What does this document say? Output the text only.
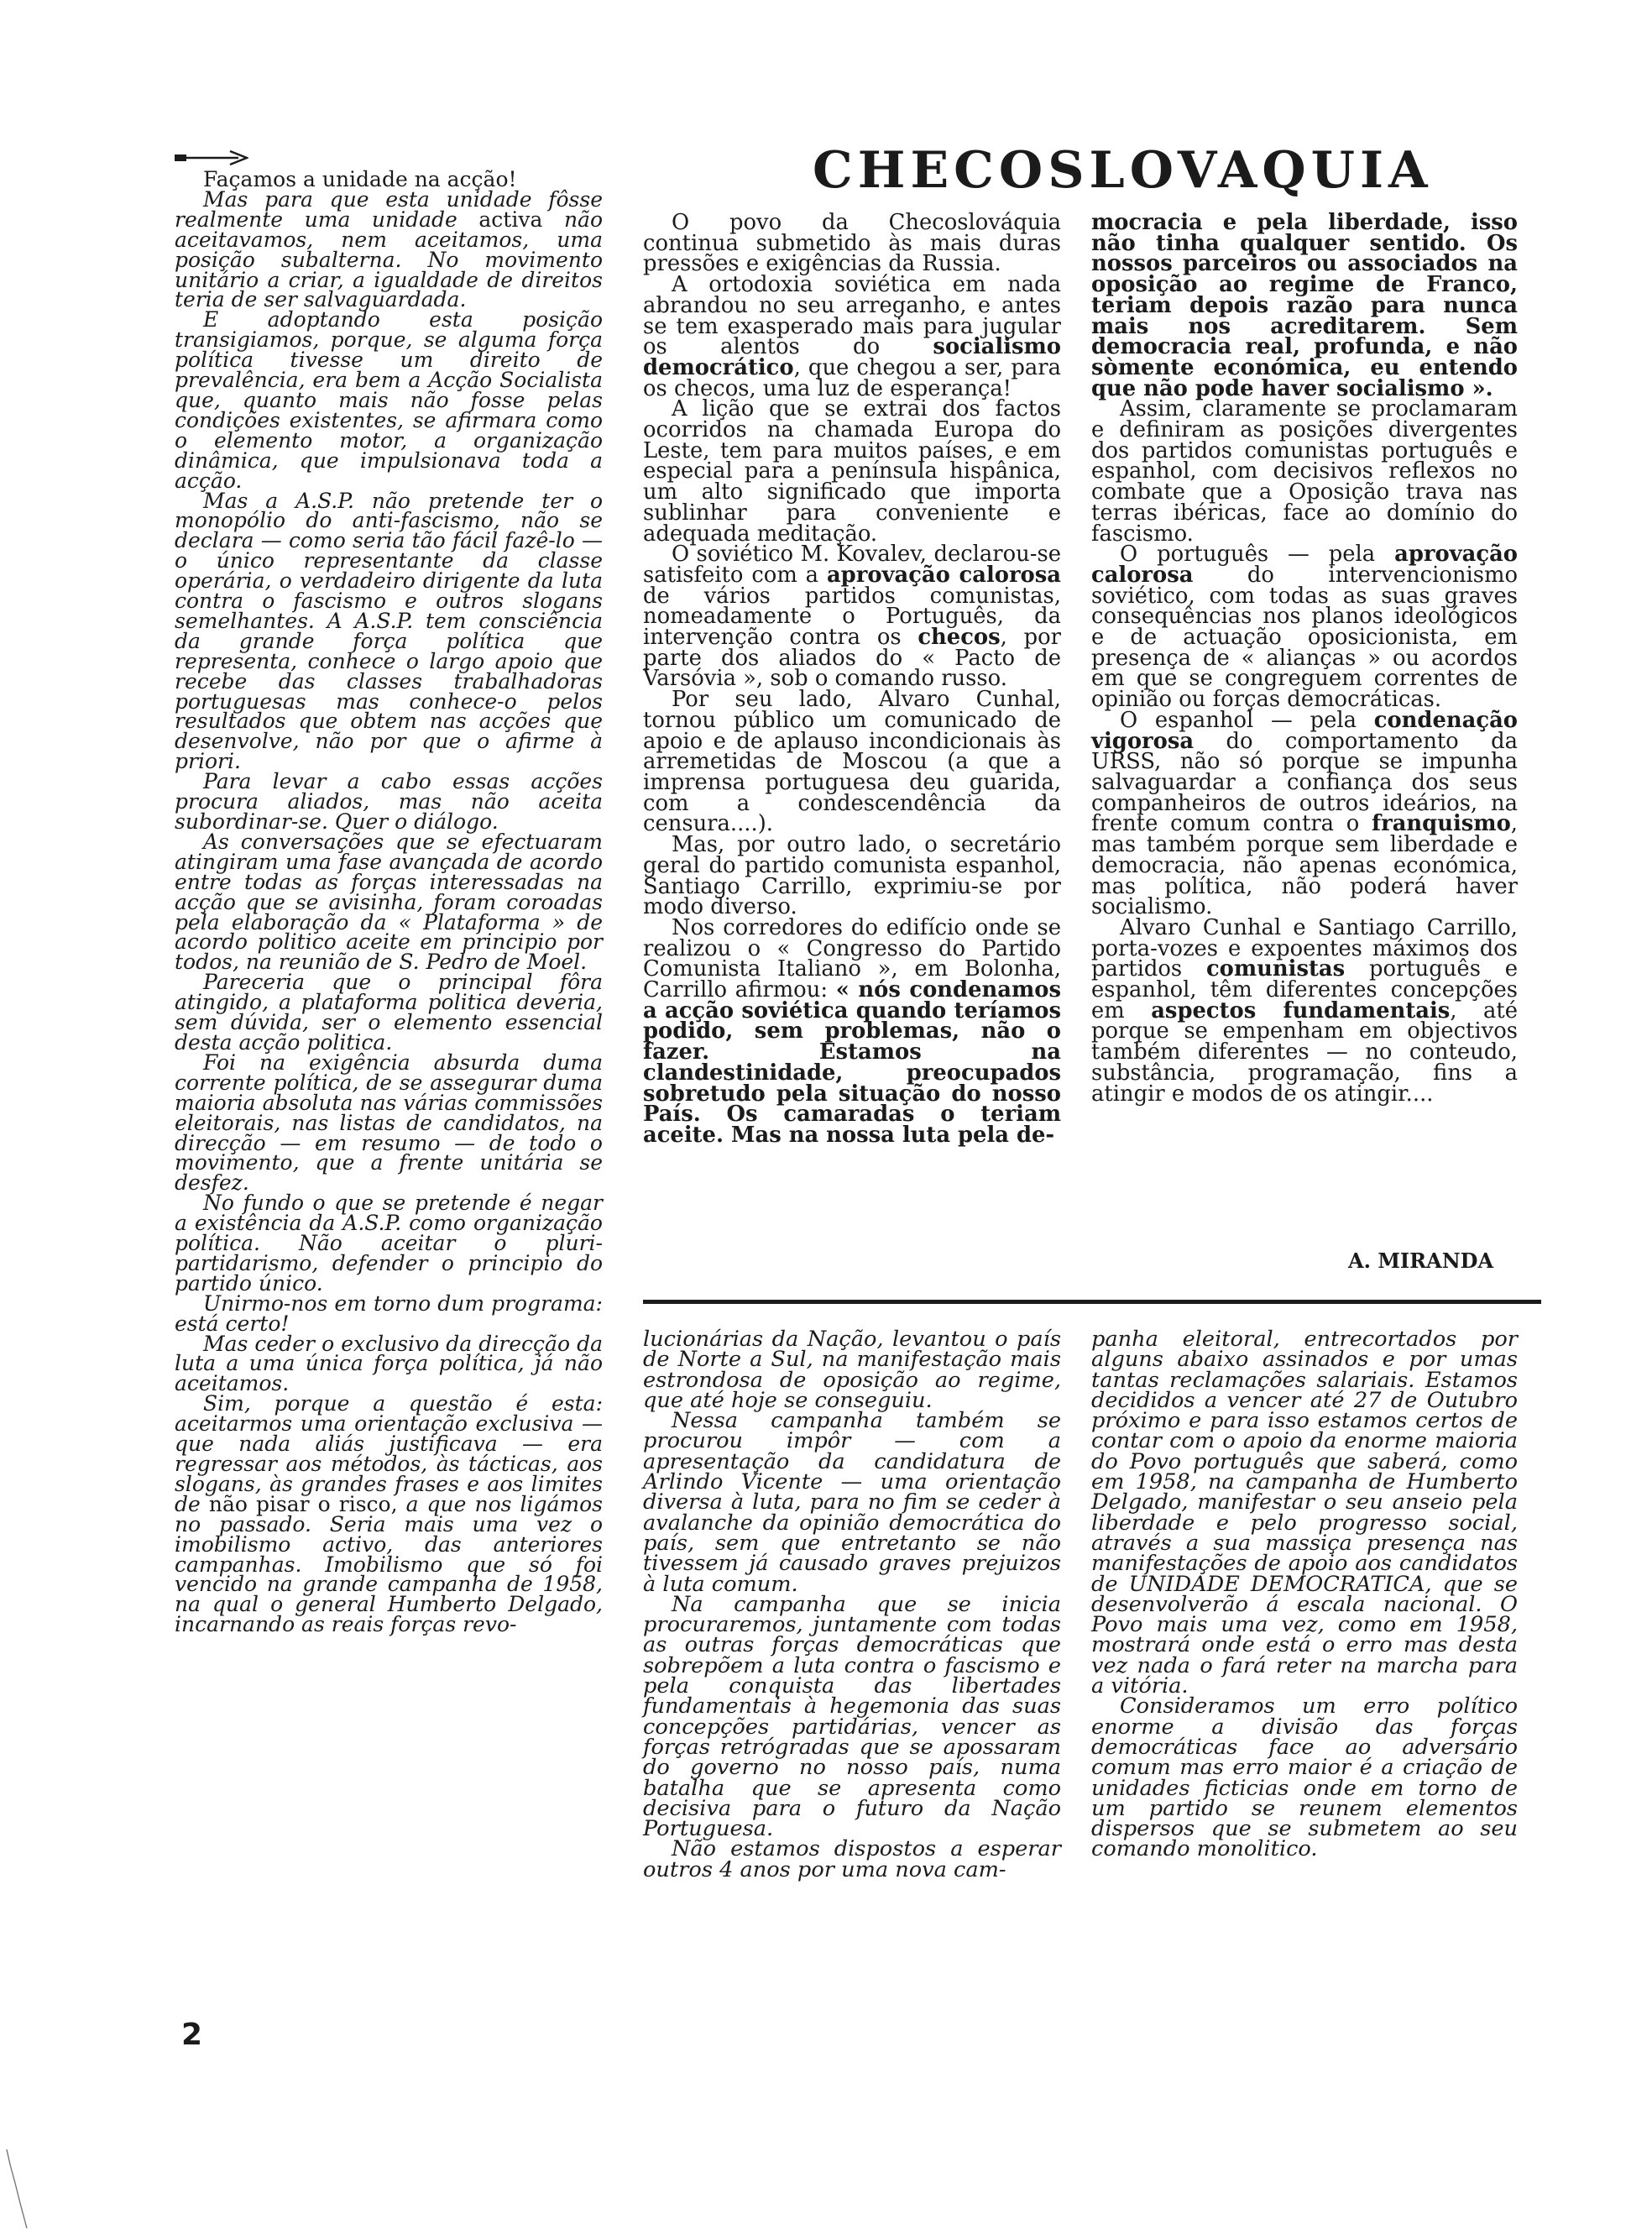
Façamos a unidade na acção!

Mas para que esta unidade fôsse realmente uma unidade activa não aceitavamos, nem aceitamos, uma posição subalterna. No movimento unitário a criar, a igualdade de direitos teria de ser salvaguardada.

E adoptando esta posição transigiamos, porque, se alguma força política tivesse um direito de prevalência, era bem a Acção Socialista que, quanto mais não fosse pelas condições existentes, se afirmara como o elemento motor, a organização dinâmica, que impulsionava toda a acção.

Mas a A.S.P. não pretende ter o monopólio do anti-fascismo, não se declara — como seria tão fácil fazê-lo — o único representante da classe operária, o verdadeiro dirigente da luta contra o fascismo e outros slogans semelhantes. A A.S.P. tem consciência da grande força política que representa, conhece o largo apoio que recebe das classes trabalhadoras portuguesas mas conhece-o pelos resultados que obtem nas acções que desenvolve, não por que o afirme à priori.

Para levar a cabo essas acções procura aliados, mas não aceita subordinar-se. Quer o diálogo.

As conversações que se efectuaram atingiram uma fase avançada de acordo entre todas as forças interessadas na acção que se avisinha, foram coroadas pela elaboração da « Plataforma » de acordo politico aceite em principio por todos, na reunião de S. Pedro de Moel.

Pareceria que o principal fôra atingido, a plataforma politica deveria, sem dúvida, ser o elemento essencial desta acção politica.

Foi na exigência absurda duma corrente política, de se assegurar duma maioria absoluta nas várias commissões eleitorais, nas listas de candidatos, na direcção — em resumo — de todo o movimento, que a frente unitária se desfez.

No fundo o que se pretende é negar a existência da A.S.P. como organização política. Não aceitar o pluri-partidarismo, defender o principio do partido único.

Unirmo-nos em torno dum programa: está certo!

Mas ceder o exclusivo da direcção da luta a uma única força política, já não aceitamos.

Sim, porque a questão é esta: aceitarmos uma orientação exclusiva — que nada aliás justificava — era regressar aos métodos, às tácticas, aos slogans, às grandes frases e aos limites de não pisar o risco, a que nos ligámos no passado. Seria mais uma vez o imobilismo activo, das anteriores campanhas. Imobilismo que só foi vencido na grande campanha de 1958, na qual o general Humberto Delgado, incarnando as reais forças revo-

CHECOSLOVAQUIA

O povo da Checoslováquia continua submetido às mais duras pressões e exigências da Russia.

A ortodoxia soviética em nada abrandou no seu arreganho, e antes se tem exasperado mais para jugular os alentos do socialismo democrático, que chegou a ser, para os checos, uma luz de esperança!

A lição que se extrai dos factos ocorridos na chamada Europa do Leste, tem para muitos países, e em especial para a península hispânica, um alto significado que importa sublinhar para conveniente e adequada meditação.

O soviético M. Kovalev, declarou-se satisfeito com a aprovação calorosa de vários partidos comunistas, nomeadamente o Português, da intervenção contra os checos, por parte dos aliados do « Pacto de Varsóvia », sob o comando russo.

Por seu lado, Alvaro Cunhal, tornou público um comunicado de apoio e de aplauso incondicionais às arremetidas de Moscou (a que a imprensa portuguesa deu guarida, com a condescendência da censura....).

Mas, por outro lado, o secretário geral do partido comunista espanhol, Santiago Carrillo, exprimiu-se por modo diverso.

Nos corredores do edifício onde se realizou o « Congresso do Partido Comunista Italiano », em Bolonha, Carrillo afirmou: « nós condenamos a acção soviética quando teríamos podido, sem problemas, não o fazer. Estamos na clandestinidade, preocupados sobretudo pela situação do nosso País. Os camaradas o teriam aceite. Mas na nossa luta pela de-

mocracia e pela liberdade, isso não tinha qualquer sentido. Os nossos parceiros ou associados na oposição ao regime de Franco, teriam depois razão para nunca mais nos acreditarem. Sem democracia real, profunda, e não sòmente económica, eu entendo que não pode haver socialismo ».

Assim, claramente se proclamaram e definiram as posições divergentes dos partidos comunistas português e espanhol, com decisivos reflexos no combate que a Oposição trava nas terras ibéricas, face ao domínio do fascismo.

O português — pela aprovação calorosa do intervencionismo soviético, com todas as suas graves consequências nos planos ideológicos e de actuação oposicionista, em presença de « alianças » ou acordos em que se congreguem correntes de opinião ou forças democráticas.

O espanhol — pela condenação vigorosa do comportamento da URSS, não só porque se impunha salvaguardar a confiança dos seus companheiros de outros ideários, na frente comum contra o franquismo, mas também porque sem liberdade e democracia, não apenas económica, mas política, não poderá haver socialismo.

Alvaro Cunhal e Santiago Carrillo, porta-vozes e expoentes máximos dos partidos comunistas português e espanhol, têm diferentes concepções em aspectos fundamentais, até porque se empenham em objectivos também diferentes — no conteudo, substância, programação, fins a atingir e modos de os atingir....

A. MIRANDA

lucionárias da Nação, levantou o país de Norte a Sul, na manifestação mais estrondosa de oposição ao regime, que até hoje se conseguiu.

Nessa campanha também se procurou impôr — com a apresentação da candidatura de Arlindo Vicente — uma orientação diversa à luta, para no fim se ceder à avalanche da opinião democrática do país, sem que entretanto se não tivessem já causado graves prejuizos à luta comum.

Na campanha que se inicia procuraremos, juntamente com todas as outras forças democráticas que sobrepõem a luta contra o fascismo e pela conquista das libertades fundamentais à hegemonia das suas concepções partidárias, vencer as forças retrógradas que se apossaram do governo no nosso país, numa batalha que se apresenta como decisiva para o futuro da Nação Portuguesa.

Não estamos dispostos a esperar outros 4 anos por uma nova cam-

panha eleitoral, entrecortados por alguns abaixo assinados e por umas tantas reclamações salariais. Estamos decididos a vencer até 27 de Outubro próximo e para isso estamos certos de contar com o apoio da enorme maioria do Povo português que saberá, como em 1958, na campanha de Humberto Delgado, manifestar o seu anseio pela liberdade e pelo progresso social, através a sua massiça presença nas manifestações de apoio aos candidatos de UNIDADE DEMOCRATICA, que se desenvolverão á escala nacional. O Povo mais uma vez, como em 1958, mostrará onde está o erro mas desta vez nada o fará reter na marcha para a vitória.

Consideramos um erro político enorme a divisão das forças democráticas face ao adversário comum mas erro maior é a criação de unidades ficticias onde em torno de um partido se reunem elementos dispersos que se submetem ao seu comando monolitico.

2
